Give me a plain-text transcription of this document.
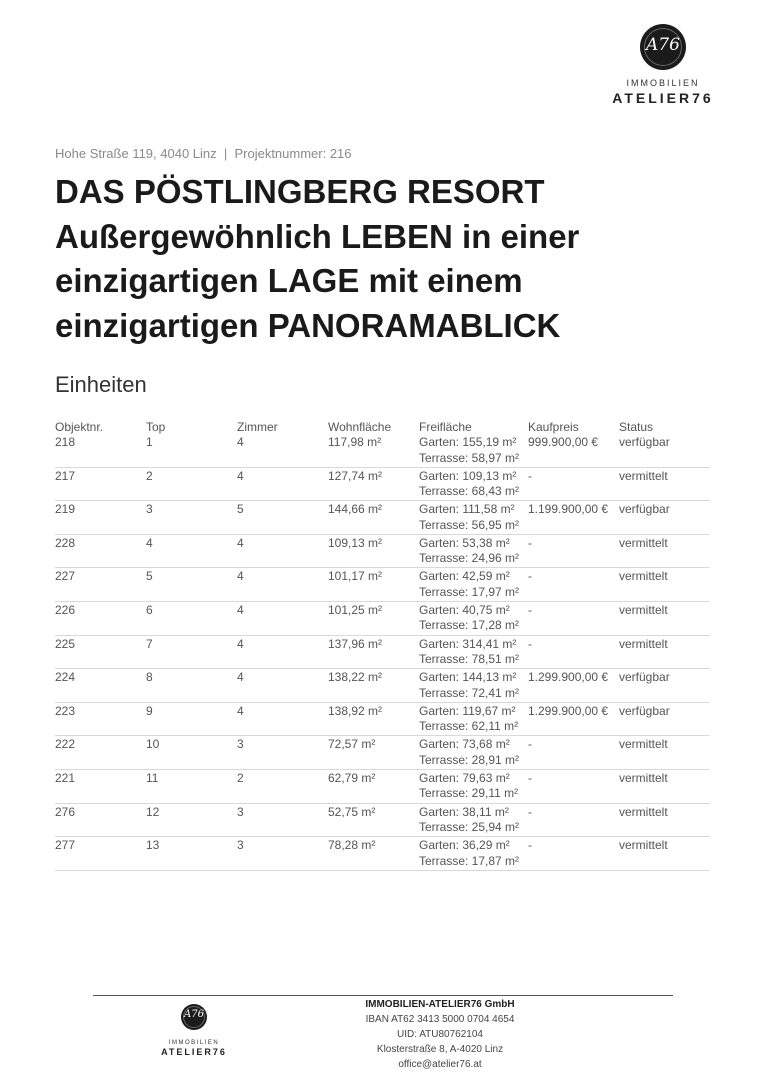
A76
IMMOBILIEN
ATELIER76
Hohe Straße 119, 4040 Linz  |  Projektnummer: 216
DAS PÖSTLINGBERG RESORT
Außergewöhnlich LEBEN in einer
einzigartigen LAGE mit einem
einzigartigen PANORAMABLICK
Einheiten
Objektnr.	Top	Zimmer	Wohnfläche	Freifläche	Kaufpreis	Status
218	1	4	117,98 m²	Garten: 155,19 m²
Terrasse: 58,97 m²	999.900,00 €	verfügbar
217	2	4	127,74 m²	Garten: 109,13 m²
Terrasse: 68,43 m²	-	vermittelt
219	3	5	144,66 m²	Garten: 111,58 m²
Terrasse: 56,95 m²	1.199.900,00 €	verfügbar
228	4	4	109,13 m²	Garten: 53,38 m²
Terrasse: 24,96 m²	-	vermittelt
227	5	4	101,17 m²	Garten: 42,59 m²
Terrasse: 17,97 m²	-	vermittelt
226	6	4	101,25 m²	Garten: 40,75 m²
Terrasse: 17,28 m²	-	vermittelt
225	7	4	137,96 m²	Garten: 314,41 m²
Terrasse: 78,51 m²	-	vermittelt
224	8	4	138,22 m²	Garten: 144,13 m²
Terrasse: 72,41 m²	1.299.900,00 €	verfügbar
223	9	4	138,92 m²	Garten: 119,67 m²
Terrasse: 62,11 m²	1.299.900,00 €	verfügbar
222	10	3	72,57 m²	Garten: 73,68 m²
Terrasse: 28,91 m²	-	vermittelt
221	11	2	62,79 m²	Garten: 79,63 m²
Terrasse: 29,11 m²	-	vermittelt
276	12	3	52,75 m²	Garten: 38,11 m²
Terrasse: 25,94 m²	-	vermittelt
277	13	3	78,28 m²	Garten: 36,29 m²
Terrasse: 17,87 m²	-	vermittelt
A76
IMMOBILIEN
ATELIER76
IMMOBILIEN-ATELIER76 GmbH
IBAN AT62 3413 5000 0704 4654
UID: ATU80762104
Klosterstraße 8, A-4020 Linz
office@atelier76.at
